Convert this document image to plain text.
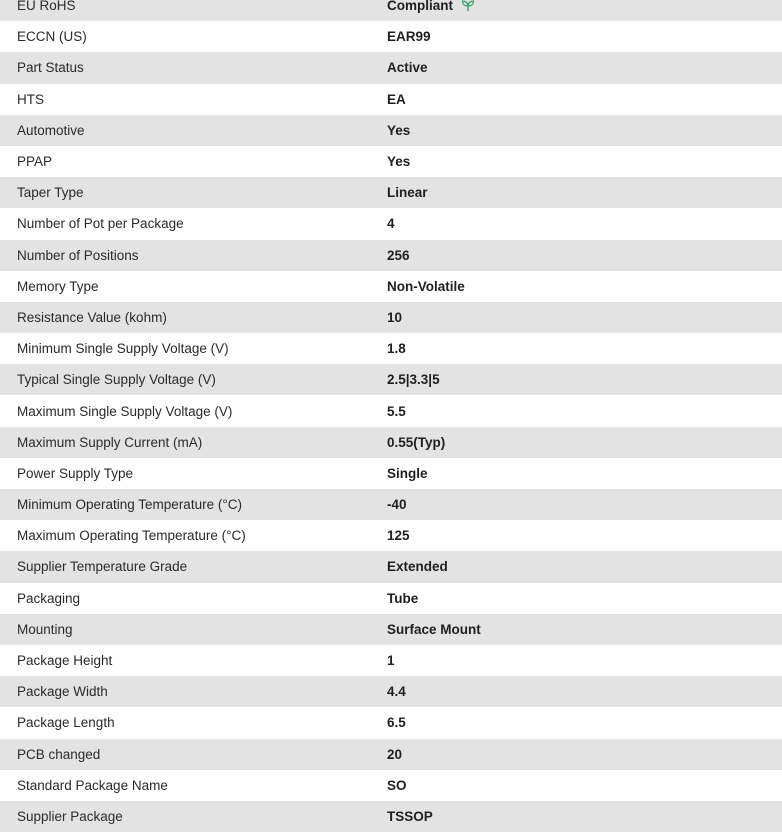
EU RoHS	Compliant
ECCN (US)	EAR99
Part Status	Active
HTS	EA
Automotive	Yes
PPAP	Yes
Taper Type	Linear
Number of Pot per Package	4
Number of Positions	256
Memory Type	Non-Volatile
Resistance Value (kohm)	10
Minimum Single Supply Voltage (V)	1.8
Typical Single Supply Voltage (V)	2.5|3.3|5
Maximum Single Supply Voltage (V)	5.5
Maximum Supply Current (mA)	0.55(Typ)
Power Supply Type	Single
Minimum Operating Temperature (°C)	-40
Maximum Operating Temperature (°C)	125
Supplier Temperature Grade	Extended
Packaging	Tube
Mounting	Surface Mount
Package Height	1
Package Width	4.4
Package Length	6.5
PCB changed	20
Standard Package Name	SO
Supplier Package	TSSOP
